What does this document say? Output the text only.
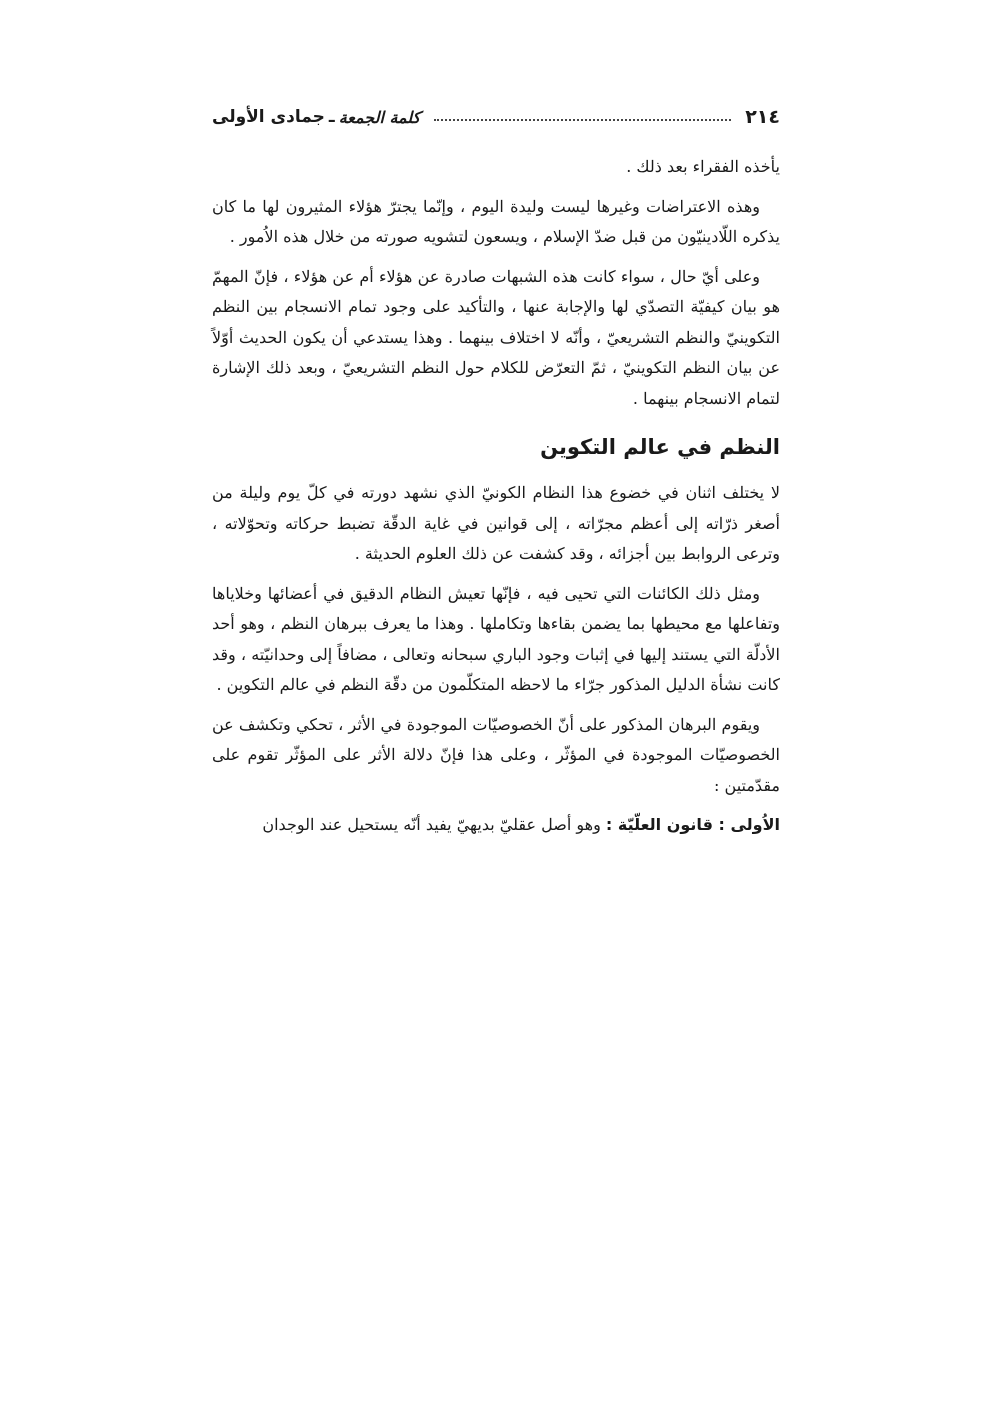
٢١٤
كلمة الجمعة
ـ
جمادى الأولى

يأخذه الفقراء بعد ذلك .

وهذه الاعتراضات وغيرها ليست وليدة اليوم ، وإنّما يجترّ هؤلاء المثيرون لها ما كان يذكره اللّادينيّون من قبل ضدّ الإسلام ، ويسعون لتشويه صورته من خلال هذه الاُمور .

وعلى أيّ حال ، سواء كانت هذه الشبهات صادرة عن هؤلاء أم عن هؤلاء ، فإنّ المهمّ هو بيان كيفيّة التصدّي لها والإجابة عنها ، والتأكيد على وجود تمام الانسجام بين النظم التكوينيّ والنظم التشريعيّ ، وأنّه لا اختلاف بينهما . وهذا يستدعي أن يكون الحديث أوّلاً عن بيان النظم التكوينيّ ، ثمّ التعرّض للكلام حول النظم التشريعيّ ، وبعد ذلك الإشارة لتمام الانسجام بينهما .

النظم في عالم التكوين

لا يختلف اثنان في خضوع هذا النظام الكونيّ الذي نشهد دورته في كلّ يوم وليلة من أصغر ذرّاته إلى أعظم مجرّاته ، إلى قوانين في غاية الدقّة تضبط حركاته وتحوّلاته ، وترعى الروابط بين أجزائه ، وقد كشفت عن ذلك العلوم الحديثة .

ومثل ذلك الكائنات التي تحيى فيه ، فإنّها تعيش النظام الدقيق في أعضائها وخلاياها وتفاعلها مع محيطها بما يضمن بقاءها وتكاملها . وهذا ما يعرف ببرهان النظم ، وهو أحد الأدلّة التي يستند إليها في إثبات وجود الباري سبحانه وتعالى ، مضافاً إلى وحدانيّته ، وقد كانت نشأة الدليل المذكور جرّاء ما لاحظه المتكلّمون من دقّة النظم في عالم التكوين .

ويقوم البرهان المذكور على أنّ الخصوصيّات الموجودة في الأثر ، تحكي وتكشف عن الخصوصيّات الموجودة في المؤثّر ، وعلى هذا فإنّ دلالة الأثر على المؤثّر تقوم على مقدّمتين :

الاُولى : قانون العلّيّة : وهو أصل عقليّ بديهيّ يفيد أنّه يستحيل عند الوجدان
